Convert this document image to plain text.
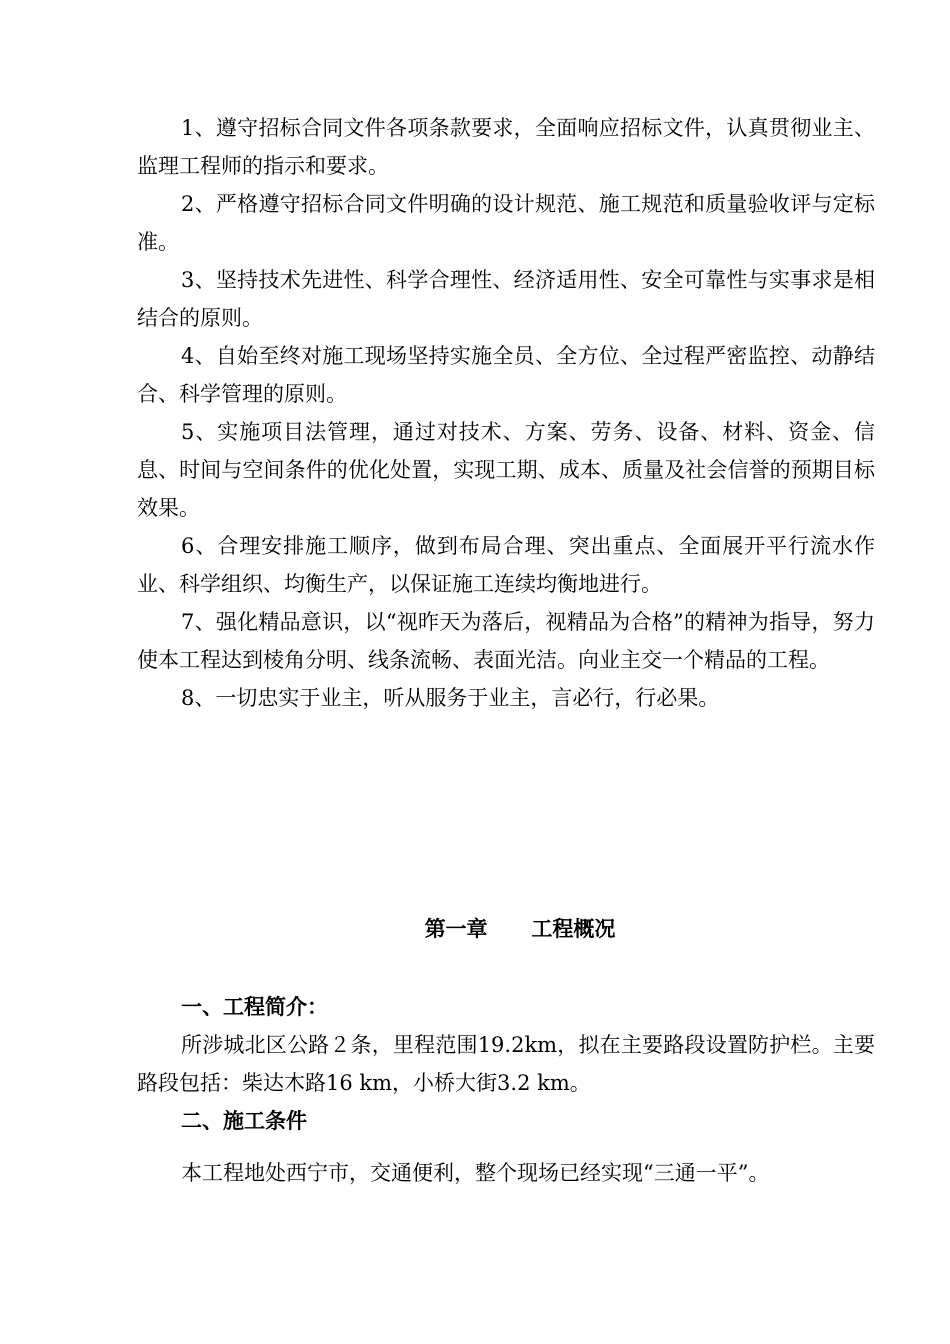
1、遵守招标合同文件各项条款要求，全面响应招标文件，认真贯彻业主、监理工程师的指示和要求。

2、严格遵守招标合同文件明确的设计规范、施工规范和质量验收评与定标准。

3、坚持技术先进性、科学合理性、经济适用性、安全可靠性与实事求是相结合的原则。

4、自始至终对施工现场坚持实施全员、全方位、全过程严密监控、动静结合、科学管理的原则。

5、实施项目法管理，通过对技术、方案、劳务、设备、材料、资金、信息、时间与空间条件的优化处置，实现工期、成本、质量及社会信誉的预期目标效果。

6、合理安排施工顺序，做到布局合理、突出重点、全面展开平行流水作业、科学组织、均衡生产，以保证施工连续均衡地进行。

7、强化精品意识，以“视昨天为落后，视精品为合格”的精神为指导，努力使本工程达到棱角分明、线条流畅、表面光洁。向业主交一个精品的工程。

8、一切忠实于业主，听从服务于业主，言必行，行必果。

第一章      工程概况

一、工程简介：

所涉城北区公路２条，里程范围19.2km，拟在主要路段设置防护栏。主要路段包括：柴达木路16 km，小桥大街3.2 km。

二、施工条件

本工程地处西宁市，交通便利，整个现场已经实现“三通一平”。
